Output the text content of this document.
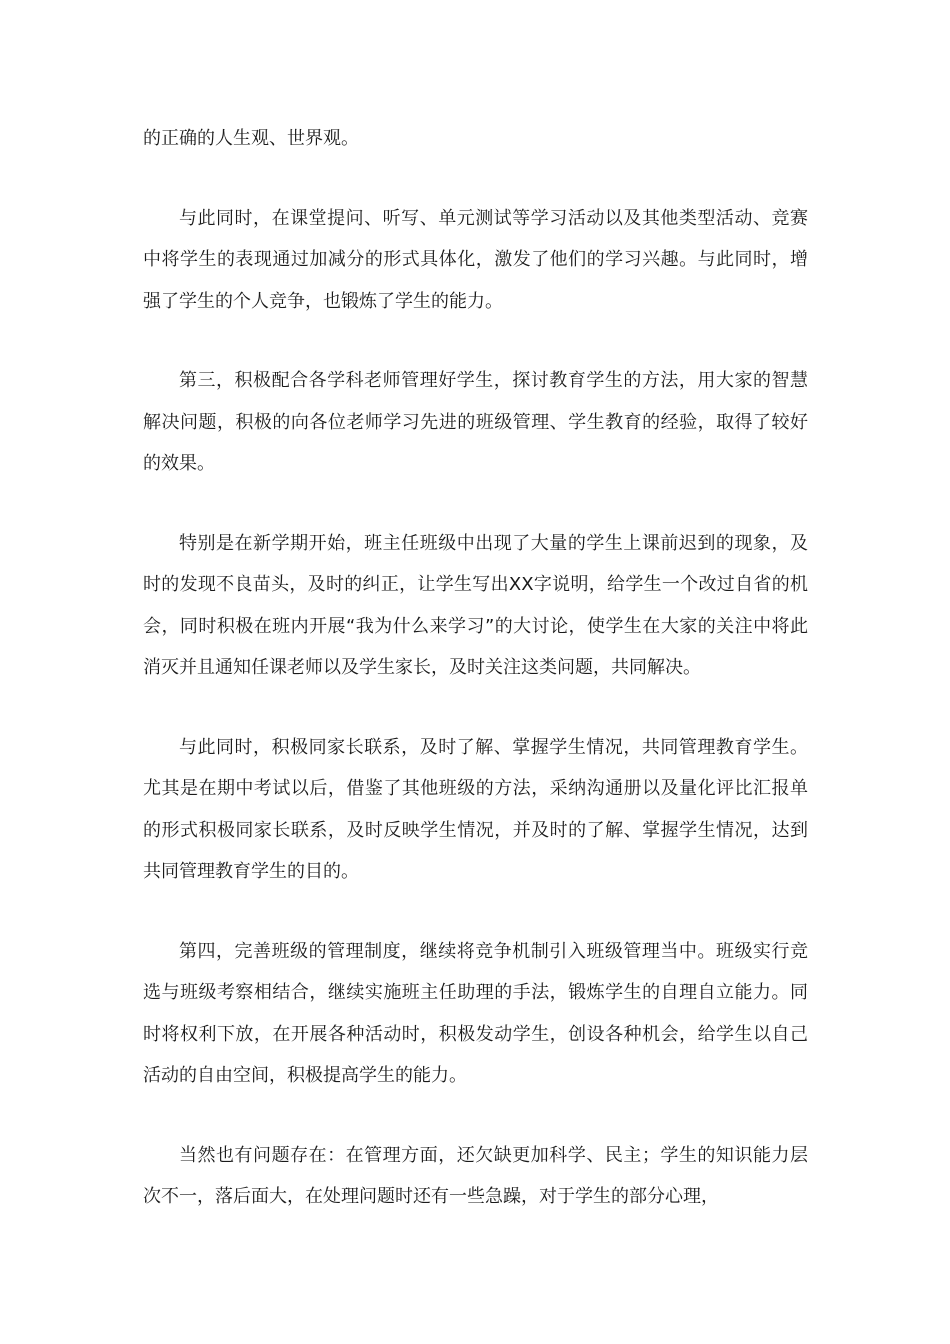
的正确的人生观、世界观。

与此同时，在课堂提问、听写、单元测试等学习活动以及其他类型活动、竞赛中将学生的表现通过加减分的形式具体化，激发了他们的学习兴趣。与此同时，增强了学生的个人竞争，也锻炼了学生的能力。

第三，积极配合各学科老师管理好学生，探讨教育学生的方法，用大家的智慧解决问题，积极的向各位老师学习先进的班级管理、学生教育的经验，取得了较好的效果。

特别是在新学期开始，班主任班级中出现了大量的学生上课前迟到的现象，及时的发现不良苗头，及时的纠正，让学生写出XX字说明，给学生一个改过自省的机会，同时积极在班内开展“我为什么来学习”的大讨论，使学生在大家的关注中将此消灭并且通知任课老师以及学生家长，及时关注这类问题，共同解决。

与此同时，积极同家长联系，及时了解、掌握学生情况，共同管理教育学生。尤其是在期中考试以后，借鉴了其他班级的方法，采纳沟通册以及量化评比汇报单的形式积极同家长联系，及时反映学生情况，并及时的了解、掌握学生情况，达到共同管理教育学生的目的。

第四，完善班级的管理制度，继续将竞争机制引入班级管理当中。班级实行竞选与班级考察相结合，继续实施班主任助理的手法，锻炼学生的自理自立能力。同时将权利下放，在开展各种活动时，积极发动学生，创设各种机会，给学生以自己活动的自由空间，积极提高学生的能力。

当然也有问题存在：在管理方面，还欠缺更加科学、民主；学生的知识能力层次不一，落后面大，在处理问题时还有一些急躁，对于学生的部分心理，
